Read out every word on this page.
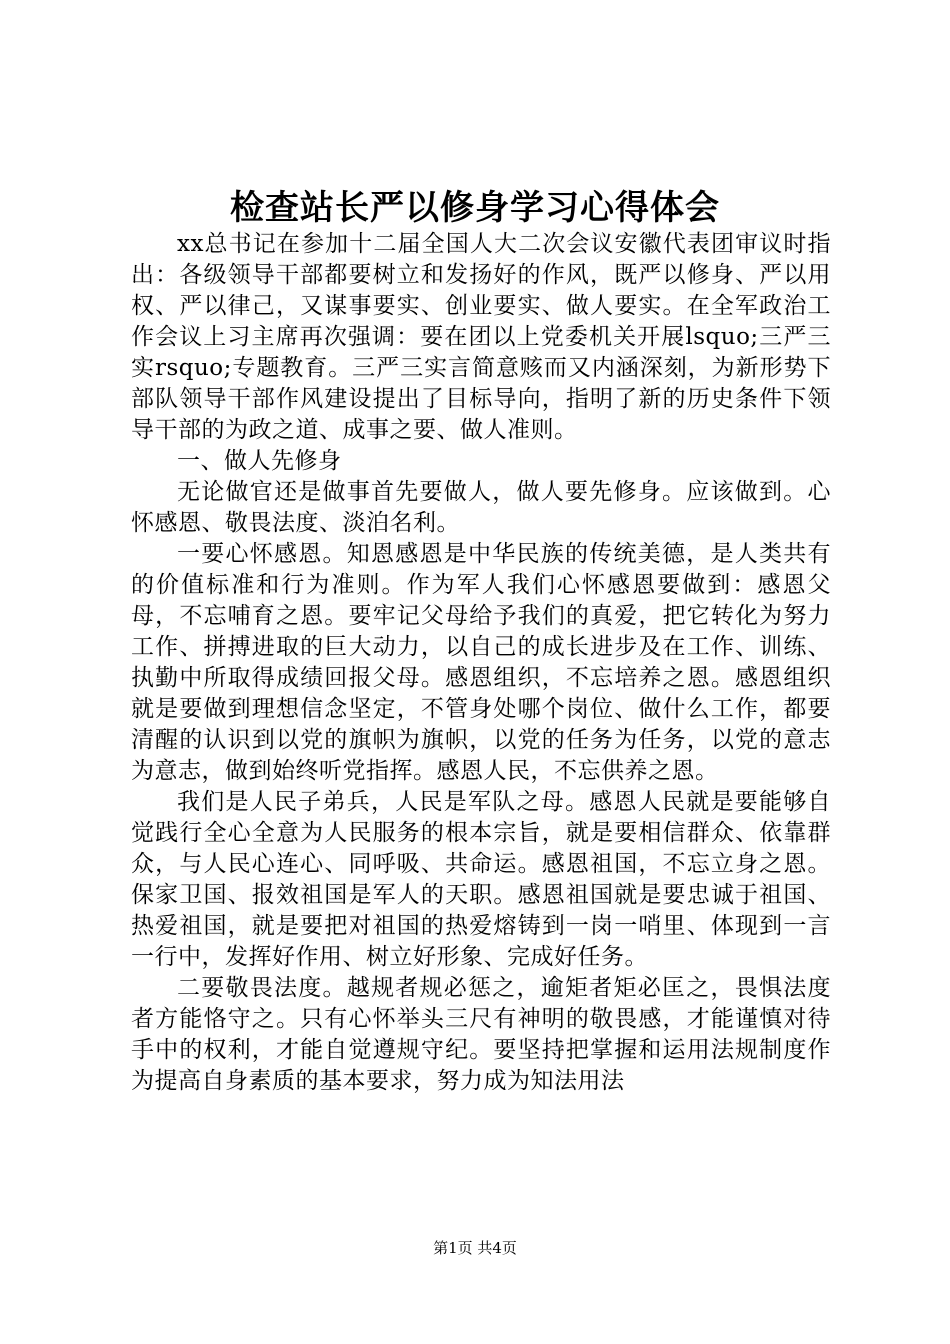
检查站长严以修身学习心得体会

xx总书记在参加十二届全国人大二次会议安徽代表团审议时指出：各级领导干部都要树立和发扬好的作风，既严以修身、严以用权、严以律己，又谋事要实、创业要实、做人要实。在全军政治工作会议上习主席再次强调：要在团以上党委机关开展lsquo;三严三实rsquo;专题教育。三严三实言简意赅而又内涵深刻，为新形势下部队领导干部作风建设提出了目标导向，指明了新的历史条件下领导干部的为政之道、成事之要、做人准则。

一、做人先修身

无论做官还是做事首先要做人，做人要先修身。应该做到。心怀感恩、敬畏法度、淡泊名利。

一要心怀感恩。知恩感恩是中华民族的传统美德，是人类共有的价值标准和行为准则。作为军人我们心怀感恩要做到：感恩父母，不忘哺育之恩。要牢记父母给予我们的真爱，把它转化为努力工作、拼搏进取的巨大动力，以自己的成长进步及在工作、训练、执勤中所取得成绩回报父母。感恩组织，不忘培养之恩。感恩组织就是要做到理想信念坚定，不管身处哪个岗位、做什么工作，都要清醒的认识到以党的旗帜为旗帜，以党的任务为任务，以党的意志为意志，做到始终听党指挥。感恩人民，不忘供养之恩。

我们是人民子弟兵，人民是军队之母。感恩人民就是要能够自觉践行全心全意为人民服务的根本宗旨，就是要相信群众、依靠群众，与人民心连心、同呼吸、共命运。感恩祖国，不忘立身之恩。保家卫国、报效祖国是军人的天职。感恩祖国就是要忠诚于祖国、热爱祖国，就是要把对祖国的热爱熔铸到一岗一哨里、体现到一言一行中，发挥好作用、树立好形象、完成好任务。

二要敬畏法度。越规者规必惩之，逾矩者矩必匡之，畏惧法度者方能恪守之。只有心怀举头三尺有神明的敬畏感，才能谨慎对待手中的权利，才能自觉遵规守纪。要坚持把掌握和运用法规制度作为提高自身素质的基本要求，努力成为知法用法

第1页 共4页
